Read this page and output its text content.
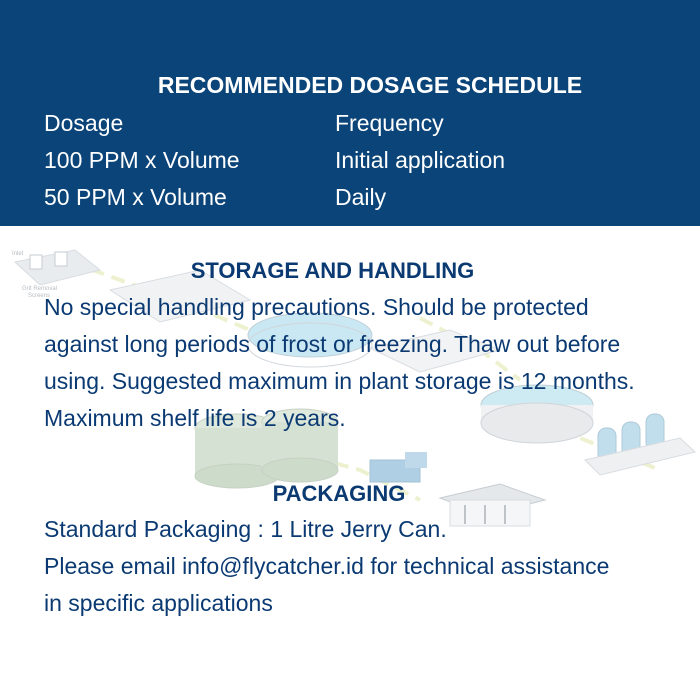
RECOMMENDED DOSAGE SCHEDULE
Dosage	Frequency
100 PPM x Volume	Initial application
50 PPM x Volume	Daily
Inlet
Grit Removal
Screens
STORAGE AND HANDLING
No special handling precautions. Should be protected
against long periods of frost or freezing. Thaw out before
using. Suggested maximum in plant storage is 12 months.
Maximum shelf life is 2 years.
PACKAGING
Standard Packaging : 1 Litre Jerry Can.
Please email info@flycatcher.id for technical assistance
in specific applications
